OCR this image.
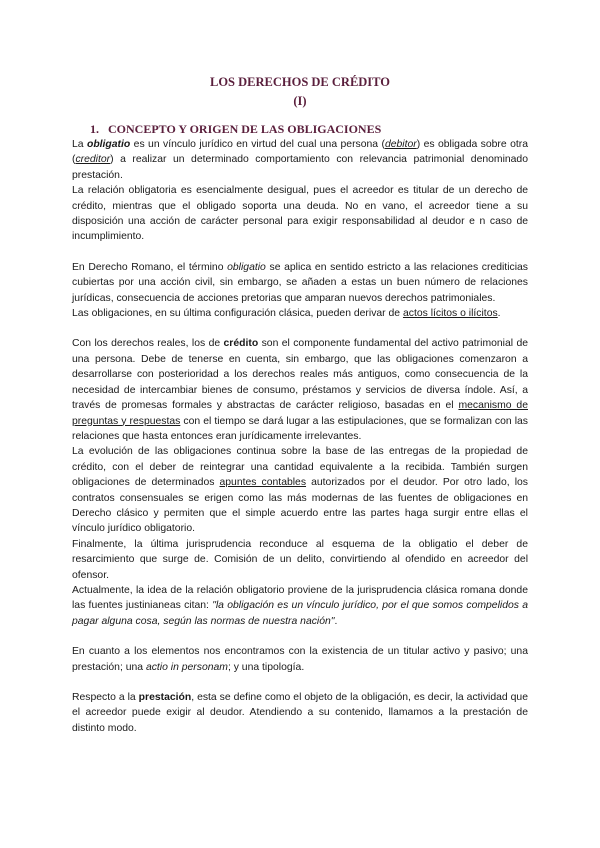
LOS DERECHOS DE CRÉDITO
(I)
1. CONCEPTO Y ORIGEN DE LAS OBLIGACIONES

La obligatio es un vínculo jurídico en virtud del cual una persona (debitor) es obligada sobre otra (creditor) a realizar un determinado comportamiento con relevancia patrimonial denominado prestación.

La relación obligatoria es esencialmente desigual, pues el acreedor es titular de un derecho de crédito, mientras que el obligado soporta una deuda. No en vano, el acreedor tiene a su disposición una acción de carácter personal para exigir responsabilidad al deudor e n caso de incumplimiento.

En Derecho Romano, el término obligatio se aplica en sentido estricto a las relaciones crediticias cubiertas por una acción civil, sin embargo, se añaden a estas un buen número de relaciones jurídicas, consecuencia de acciones pretorias que amparan nuevos derechos patrimoniales.

Las obligaciones, en su última configuración clásica, pueden derivar de actos lícitos o ilícitos.

Con los derechos reales, los de crédito son el componente fundamental del activo patrimonial de una persona. Debe de tenerse en cuenta, sin embargo, que las obligaciones comenzaron a desarrollarse con posterioridad a los derechos reales más antiguos, como consecuencia de la necesidad de intercambiar bienes de consumo, préstamos y servicios de diversa índole. Así, a través de promesas formales y abstractas de carácter religioso, basadas en el mecanismo de preguntas y respuestas con el tiempo se dará lugar a las estipulaciones, que se formalizan con las relaciones que hasta entonces eran jurídicamente irrelevantes.

La evolución de las obligaciones continua sobre la base de las entregas de la propiedad de crédito, con el deber de reintegrar una cantidad equivalente a la recibida. También surgen obligaciones de determinados apuntes contables autorizados por el deudor. Por otro lado, los contratos consensuales se erigen como las más modernas de las fuentes de obligaciones en Derecho clásico y permiten que el simple acuerdo entre las partes haga surgir entre ellas el vínculo jurídico obligatorio.

Finalmente, la última jurisprudencia reconduce al esquema de la obligatio el deber de resarcimiento que surge de. Comisión de un delito, convirtiendo al ofendido en acreedor del ofensor.

Actualmente, la idea de la relación obligatorio proviene de la jurisprudencia clásica romana donde las fuentes justinianeas citan: "la obligación es un vínculo jurídico, por el que somos compelidos a pagar alguna cosa, según las normas de nuestra nación".

En cuanto a los elementos nos encontramos con la existencia de un titular activo y pasivo; una prestación; una actio in personam; y una tipología.

Respecto a la prestación, esta se define como el objeto de la obligación, es decir, la actividad que el acreedor puede exigir al deudor. Atendiendo a su contenido, llamamos a la prestación de distinto modo.
